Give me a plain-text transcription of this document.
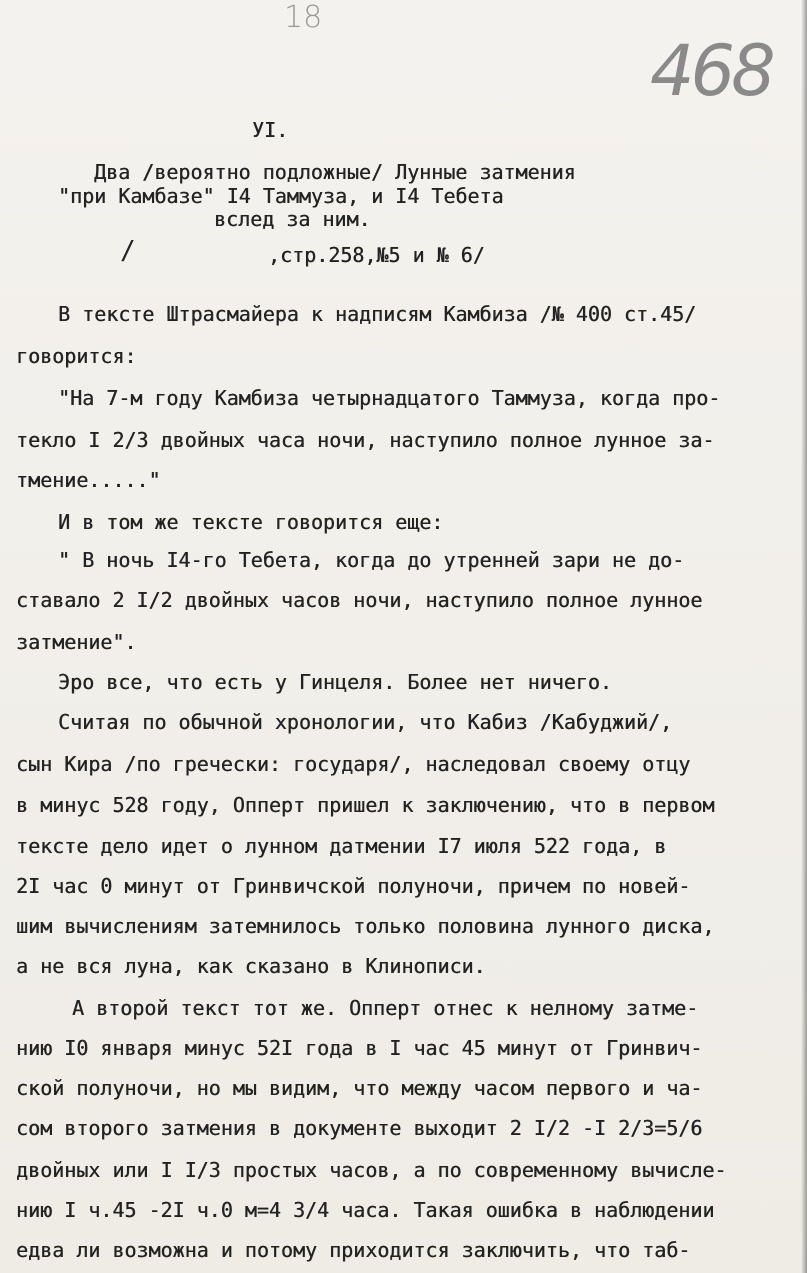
18
468
УI.
Два /вероятно подложные/ Лунные затмения
"при Камбазе" I4 Таммуза, и I4 Тебета
вслед за ним.
/	,стр.258,№5 и № 6/
В тексте Штрасмайера к надписям Камбиза /№ 400 ст.45/
говорится:
"На 7-м году Камбиза четырнадцатого Таммуза, когда про-
текло I 2/3 двойных часа ночи, наступило полное лунное за-
тмение....."
И в том же тексте говорится еще:
" В ночь I4-го Тебета, когда до утренней зари не до-
ставало 2 I/2 двойных часов ночи, наступило полное лунное
затмение".
Эро все, что есть у Гинцеля. Более нет ничего.
Считая по обычной хронологии, что Кабиз /Кабуджий/,
сын Кира /по гречески: государя/, наследовал своему отцу
в минус 528 году, Опперт пришел к заключению, что в первом
тексте дело идет о лунном датмении I7 июля 522 года, в
2I час 0 минут от Гринвичской полуночи, причем по новей-
шим вычислениям затемнилось только половина лунного диска,
а не вся луна, как сказано в Клинописи.
А второй текст тот же. Опперт отнес к нелному затме-
нию I0 января минус 52I года в I час 45 минут от Гринвич-
ской полуночи, но мы видим, что между часом первого и ча-
сом второго затмения в документе выходит 2 I/2 -I 2/3=5/6
двойных или I I/3 простых часов, а по современному вычисле-
нию I ч.45 -2I ч.0 м=4 3/4 часа. Такая ошибка в наблюдении
едва ли возможна и потому приходится заключить, что таб-
